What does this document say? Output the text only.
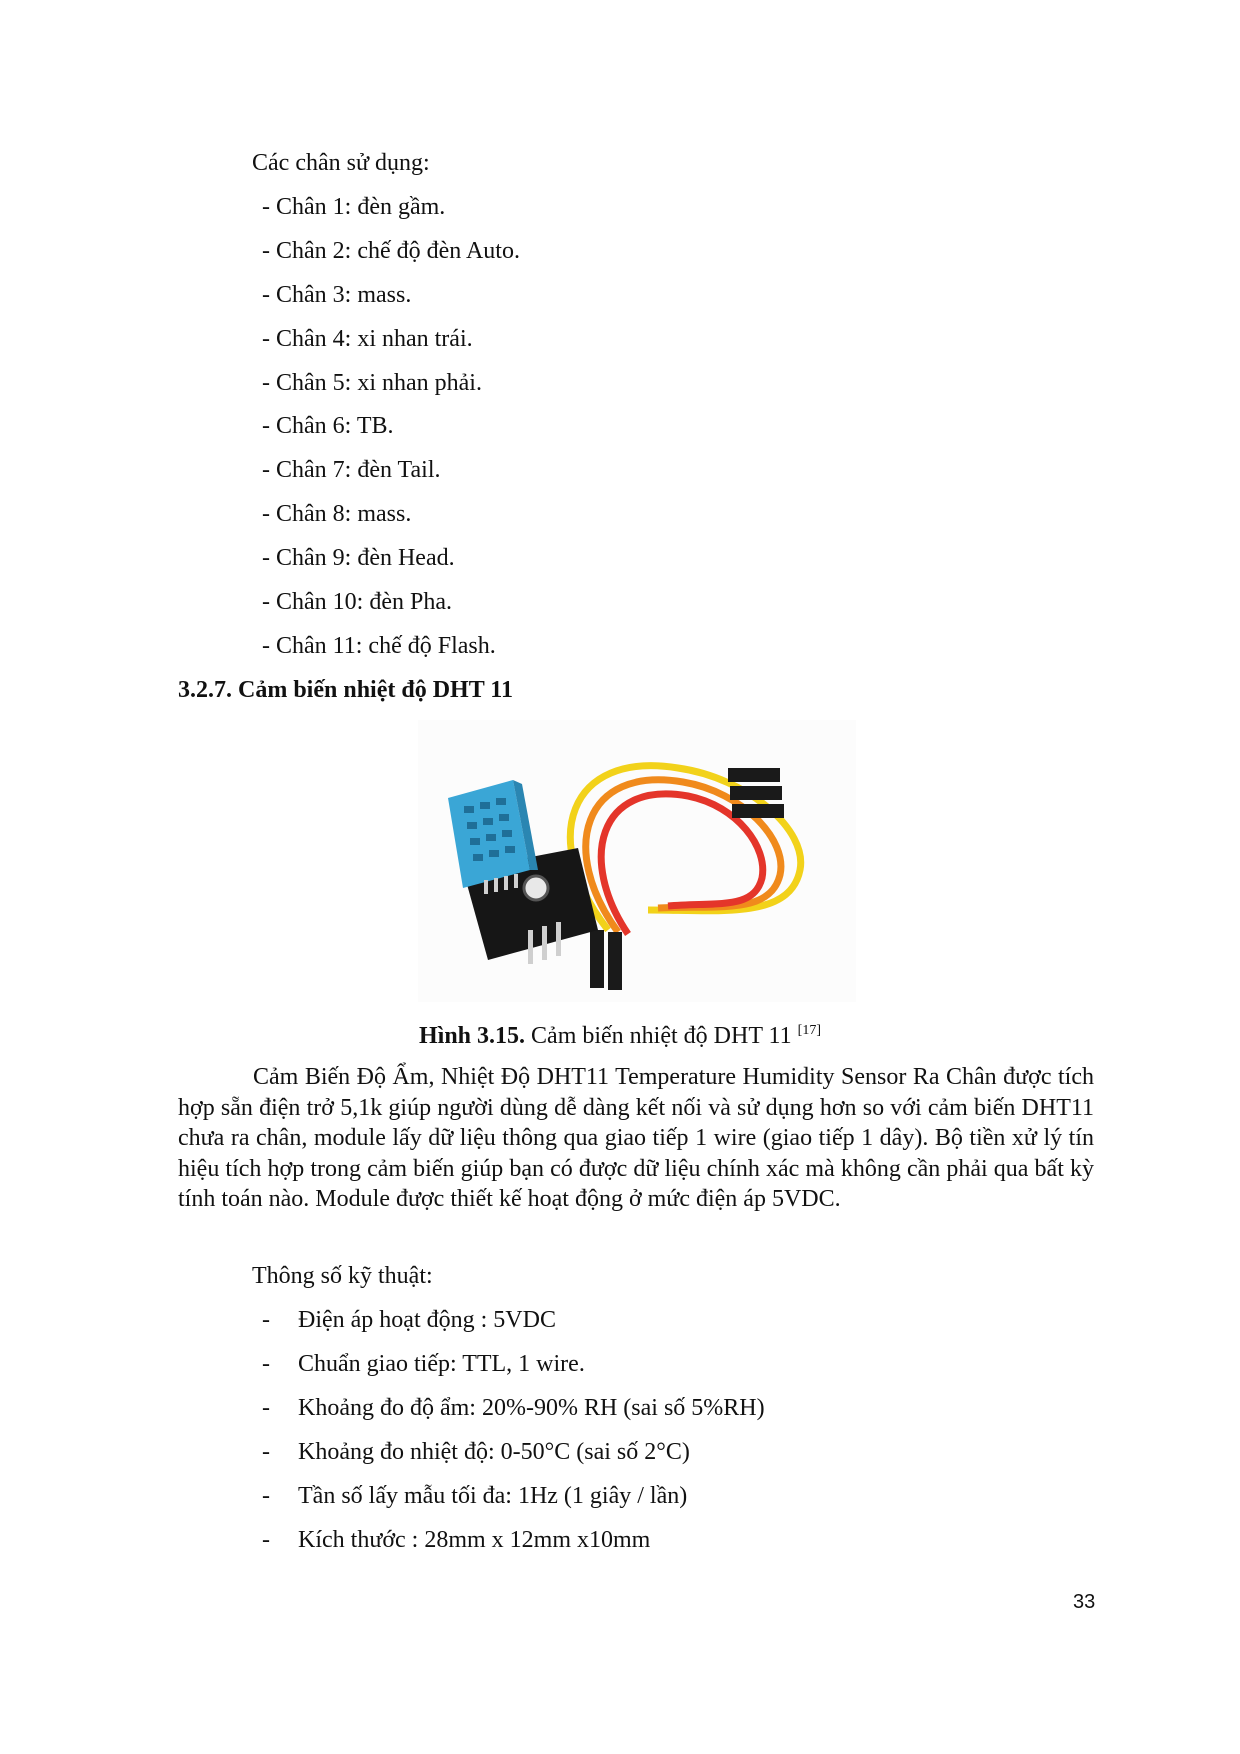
Các chân sử dụng:
- Chân 1: đèn gầm.
- Chân 2: chế độ đèn Auto.
- Chân 3: mass.
- Chân 4: xi nhan trái.
- Chân 5: xi nhan phải.
- Chân 6: TB.
- Chân 7: đèn Tail.
- Chân 8: mass.
- Chân 9: đèn Head.
- Chân 10: đèn Pha.
- Chân 11: chế độ Flash.
3.2.7. Cảm biến nhiệt độ DHT 11
Hình 3.15. Cảm biến nhiệt độ DHT 11 [17]
Cảm Biến Độ Ẩm, Nhiệt Độ DHT11 Temperature Humidity Sensor Ra Chân được tích hợp sẵn điện trở 5,1k giúp người dùng dễ dàng kết nối và sử dụng hơn so với cảm biến DHT11 chưa ra chân, module lấy dữ liệu thông qua giao tiếp 1 wire (giao tiếp 1 dây). Bộ tiền xử lý tín hiệu tích hợp trong cảm biến giúp bạn có được dữ liệu chính xác mà không cần phải qua bất kỳ tính toán nào. Module được thiết kế hoạt động ở mức điện áp 5VDC.
Thông số kỹ thuật:
- Điện áp hoạt động : 5VDC
- Chuẩn giao tiếp: TTL, 1 wire.
- Khoảng đo độ ẩm: 20%-90% RH (sai số 5%RH)
- Khoảng đo nhiệt độ: 0-50°C (sai số 2°C)
- Tần số lấy mẫu tối đa: 1Hz (1 giây / lần)
- Kích thước : 28mm x 12mm x10mm
33
